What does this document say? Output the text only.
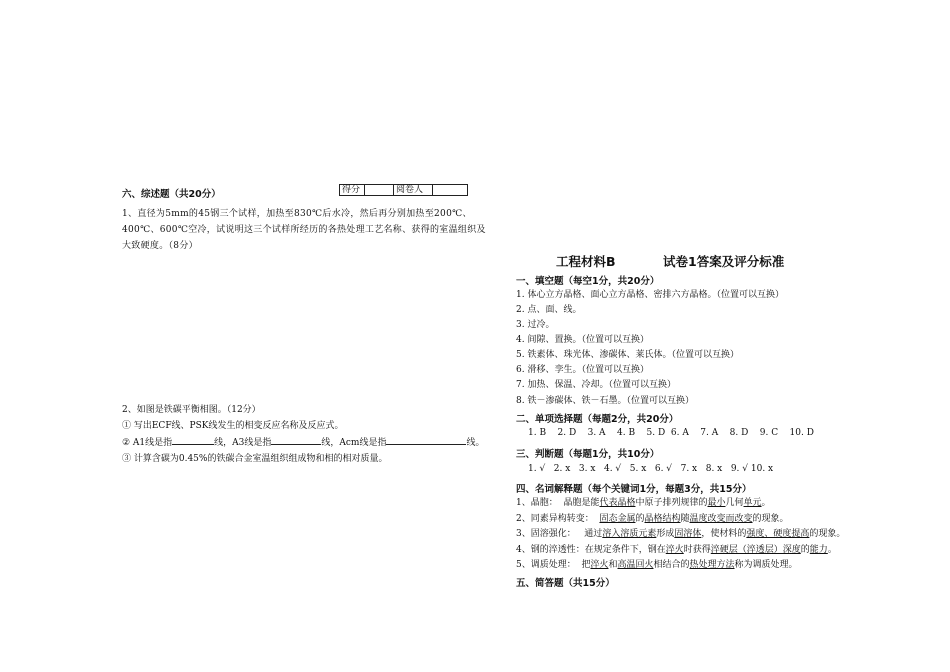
六、综述题（共20分）	得分		阅卷人	
1、直径为5mm的45钢三个试样，加热至830℃后水冷，然后再分别加热至200℃、400℃、600℃空冷，试说明这三个试样所经历的各热处理工艺名称、获得的室温组织及大致硬度。（8分）
2、如图是铁碳平衡相图。（12分）
① 写出ECF线、PSK线发生的相变反应名称及反应式。
② A1线是指	线，A3线是指	线，Acm线是指	线。
③ 计算含碳为0.45%的铁碳合金室温组织组成物和相的相对质量。
工程材料B	试卷1答案及评分标准
一、填空题（每空1分，共20分）
1. 体心立方晶格、面心立方晶格、密排六方晶格。（位置可以互换）
2. 点、面、线。
3. 过冷。
4. 间隙、置换。（位置可以互换）
5. 铁素体、珠光体、渗碳体、莱氏体。（位置可以互换）
6. 滑移、孪生。（位置可以互换）
7. 加热、保温、冷却。（位置可以互换）
8. 铁－渗碳体、铁－石墨。（位置可以互换）
二、单项选择题（每题2分，共20分）
1. B    2. D    3. A    4. B    5. D  6. A    7. A    8. D    9. C    10. D
三、判断题（每题1分，共10分）
1. √   2. x   3. x   4. √   5. x   6. √   7. x   8. x   9. √ 10. x
四、名词解释题（每个关键词1分，每题3分，共15分）
1、晶胞：  晶胞是能代表晶格中原子排列规律的最小几何单元。
2、同素异构转变：  固态金属的晶格结构随温度改变而改变的现象。
3、固溶强化：   通过溶入溶质元素形成固溶体，使材料的强度、硬度提高的现象。
4、钢的淬透性：在规定条件下，钢在淬火时获得淬硬层（淬透层）深度的能力。
5、调质处理：  把淬火和高温回火相结合的热处理方法称为调质处理。
五、简答题（共15分）
